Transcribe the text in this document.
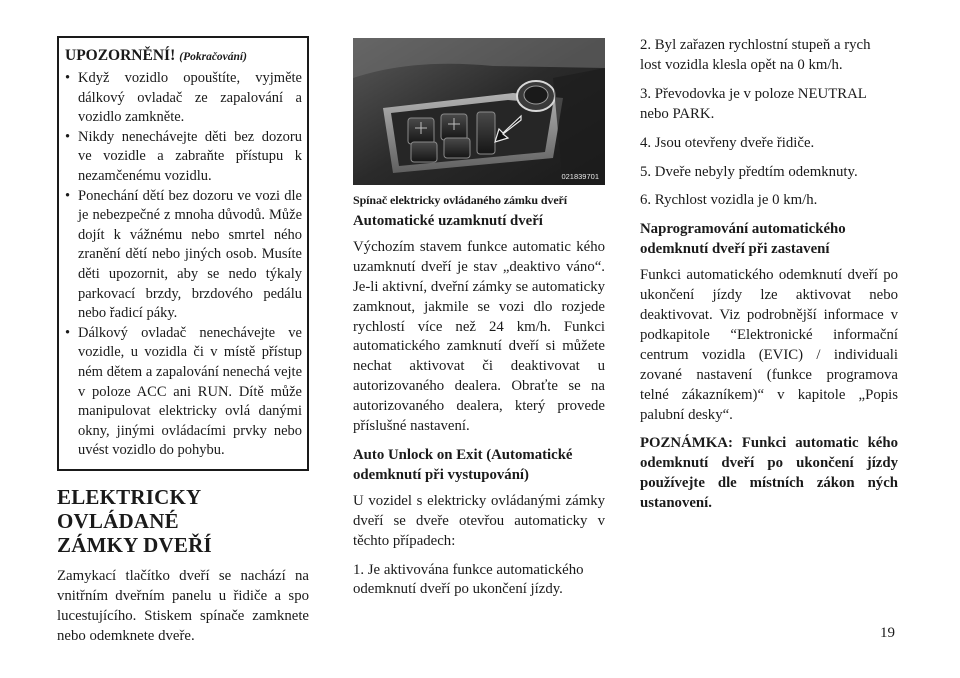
UPOZORNĚNÍ! (Pokračování)
• Když vozidlo opouštíte, vyjměte dálkový ovladač ze zapalování a vozidlo zamkněte.
• Nikdy nenechávejte děti bez dozoru ve vozidle a zabraňte přístupu k nezamčenému vozidlu.
• Ponechání dětí bez dozoru ve vozi dle je nebezpečné z mnoha důvodů. Může dojít k vážnému nebo smrtel ného zranění dětí nebo jiných osob. Musíte děti upozornit, aby se nedo týkaly parkovací brzdy, brzdového pedálu nebo řadicí páky.
• Dálkový ovladač nenechávejte ve vozidle, u vozidla či v místě přístup ném dětem a zapalování nenechá vejte v poloze ACC ani RUN. Dítě může manipulovat elektricky ovlá danými okny, jinými ovládacími prvky nebo uvést vozidlo do pohybu.
ELEKTRICKY OVLÁDANÉ
ZÁMKY DVEŘÍ

Zamykací tlačítko dveří se nachází na vnitřním dveřním panelu u řidiče a spo lucestujícího. Stiskem spínače zamknete nebo odemknete dveře.

021839701
Spínač elektricky ovládaného zámku dveří
Automatické uzamknutí dveří

Výchozím stavem funkce automatic kého uzamknutí dveří je stav „deaktivo váno“. Je-li aktivní, dveřní zámky se automaticky zamknout, jakmile se vozi dlo rozjede rychlostí více než 24 km/h. Funkci automatického zamknutí dveří si můžete nechat aktivovat či deaktivovat u autorizovaného dealera. Obraťte se na autorizovaného dealera, který provede příslušné nastavení.

Auto Unlock on Exit (Automatické
odemknutí při vystupování)

U vozidel s elektricky ovládanými zámky dveří se dveře otevřou automaticky v těchto případech:

1. Je aktivována funkce automatického
odemknutí dveří po ukončení jízdy.

2. Byl zařazen rychlostní stupeň a rych
lost vozidla klesla opět na 0 km/h.

3. Převodovka je v poloze NEUTRAL
nebo PARK.

4. Jsou otevřeny dveře řidiče.

5. Dveře nebyly předtím odemknuty.

6. Rychlost vozidla je 0 km/h.

Naprogramování automatického
odemknutí dveří při zastavení

Funkci automatického odemknutí dveří po ukončení jízdy lze aktivovat nebo deaktivovat. Viz podrobnější informace v podkapitole “Elektronické informační centrum vozidla (EVIC) / individuali zované nastavení (funkce programova telné zákazníkem)“ v kapitole „Popis palubní desky“.

POZNÁMKA: Funkci automatic kého odemknutí dveří po ukončení jízdy používejte dle místních zákon ných ustanovení.

19
